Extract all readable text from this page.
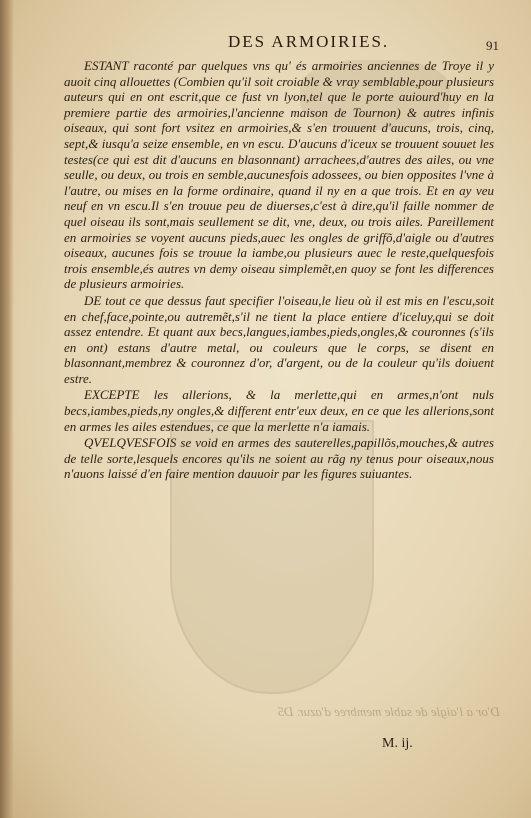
D'or a l'aigle de sable membree d'azur. D5
DES ARMOIRIES.	91

ESTANT raconté par quelques vns qu' és armoiries anciennes de Troye il y auoit cinq allouettes (Combien qu'il soit croiable & vray semblable,pour plusieurs auteurs qui en ont escrit,que ce fust vn lyon,tel que le porte auiourd'huy en la premiere partie des armoiries,l'ancienne maison de Tournon) & autres infinis oiseaux, qui sont fort vsitez en armoiries,& s'en trouuent d'aucuns, trois, cinq, sept,& iusqu'a seize ensemble, en vn escu. D'aucuns d'iceux se trouuent souuet les testes(ce qui est dit d'aucuns en blasonnant) arrachees,d'autres des ailes, ou vne seulle, ou deux, ou trois en semble,aucunesfois adossees, ou bien opposites l'vne à l'autre, ou mises en la forme ordinaire, quand il ny en a que trois. Et en ay veu neuf en vn escu.Il s'en trouue peu de diuerses,c'est à dire,qu'il faille nommer de quel oiseau ils sont,mais seullement se dit, vne, deux, ou trois ailes. Pareillement en armoiries se voyent aucuns pieds,auec les ongles de griffõ,d'aigle ou d'autres oiseaux, aucunes fois se trouue la iambe,ou plusieurs auec le reste,quelquesfois trois ensemble,és autres vn demy oiseau simplemẽt,en quoy se font les differences de plusieurs armoiries.

DE tout ce que dessus faut specifier l'oiseau,le lieu où il est mis en l'escu,soit en chef,face,pointe,ou autremẽt,s'il ne tient la place entiere d'iceluy,qui se doit assez entendre. Et quant aux becs,langues,iambes,pieds,ongles,& couronnes (s'ils en ont) estans d'autre metal, ou couleurs que le corps, se disent en blasonnant,membrez & couronnez d'or, d'argent, ou de la couleur qu'ils doiuent estre.

EXCEPTE les allerions, & la merlette,qui en armes,n'ont nuls becs,iambes,pieds,ny ongles,& different entr'eux deux, en ce que les allerions,sont en armes les ailes estendues, ce que la merlette n'a iamais.

QVELQVESFOIS se void en armes des sauterelles,papillõs,mouches,& autres de telle sorte,lesquels encores qu'ils ne soient au rãg ny tenus pour oiseaux,nous n'auons laissé d'en faire mention dauuoir par les figures suiuantes.

M. ij.
